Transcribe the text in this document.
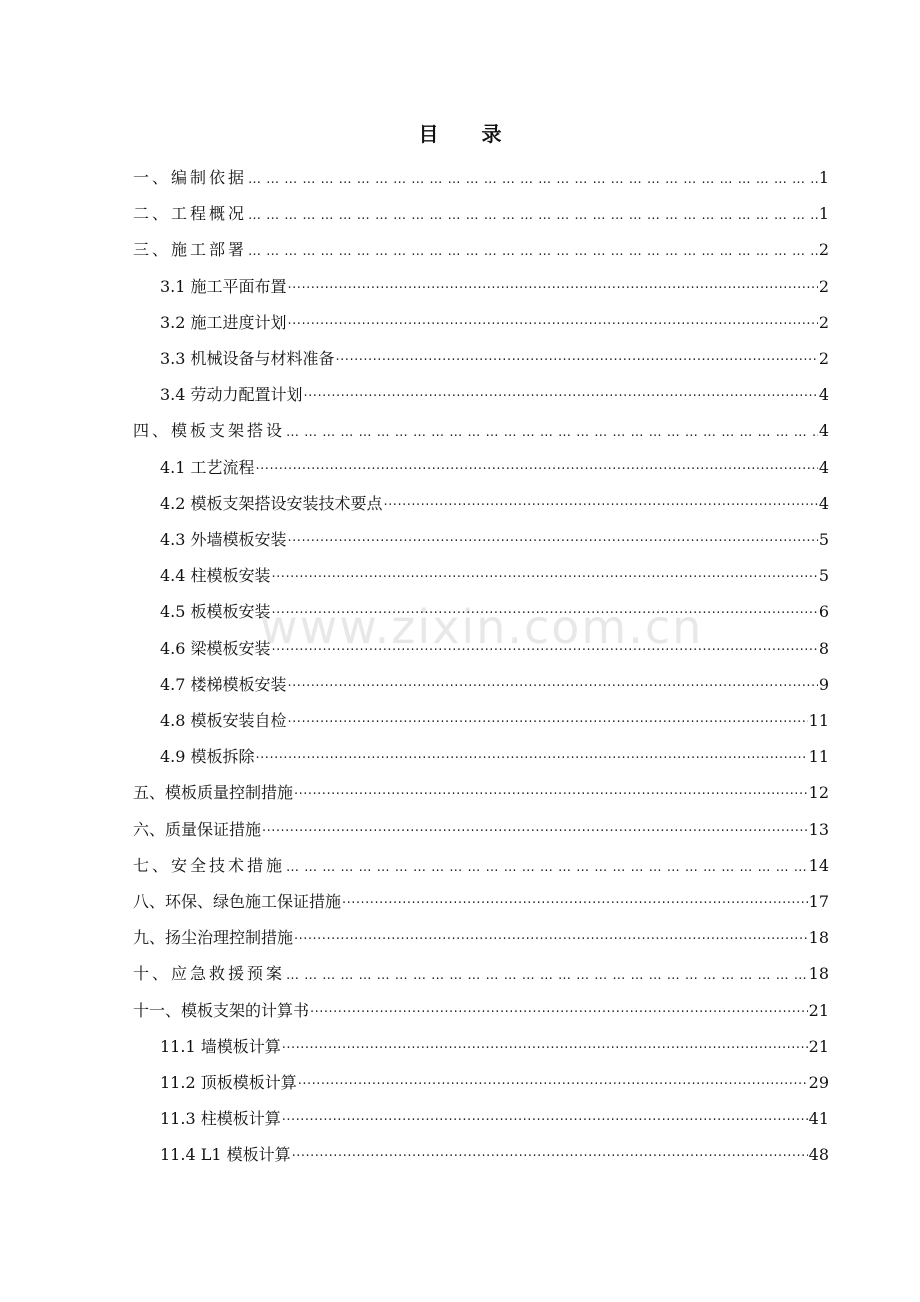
目 录
www.zixin.com.cn
一、编制依据 … … … … … … … … … … … … … … … … … … … … … … … … … … … … … … … … … … … … … … … … … … … … … … … … … … … … … … … … … … … … … … … …	1
二、工程概况 … … … … … … … … … … … … … … … … … … … … … … … … … … … … … … … … … … … … … … … … … … … … … … … … … … … … … … … … … … … … … … … …	1
三、施工部署 … … … … … … … … … … … … … … … … … … … … … … … … … … … … … … … … … … … … … … … … … … … … … … … … … … … … … … … … … … … … … … … …	2
3.1 施工平面布置 ·····	2
3.2 施工进度计划 ·····	2
3.3 机械设备与材料准备 ·····	2
3.4 劳动力配置计划 ·····	4
四、模板支架搭设 … … … … … … … … … … … … … … … … … … … … … … … … … … … … … … … … … … … … … … … … … … … … … … … … … … … … … … … … … … … … … … … …	4
4.1 工艺流程 ·····	4
4.2 模板支架搭设安装技术要点 ·····	4
4.3 外墙模板安装 ·····	5
4.4 柱模板安装 ·····	5
4.5 板模板安装 ·····	6
4.6 梁模板安装 ·····	8
4.7 楼梯模板安装 ·····	9
4.8 模板安装自检 ·····	11
4.9 模板拆除 ·····	11
五、模板质量控制措施 ·····	12
六、质量保证措施 ·····	13
七、安全技术措施 … … … … … … … … … … … … … … … … … … … … … … … … … … … … … … … … … … … … … … … … … … … … … … … … … … … … … … … … … … … … … … … …	14
八、环保、绿色施工保证措施 ·····	17
九、扬尘治理控制措施 ·····	18
十、应急救援预案 … … … … … … … … … … … … … … … … … … … … … … … … … … … … … … … … … … … … … … … … … … … … … … … … … … … … … … … … … … … … … … … …	18
十一、模板支架的计算书 ·····	21
11.1 墙模板计算 ·····	21
11.2 顶板模板计算 ·····	29
11.3 柱模板计算 ·····	41
11.4 L1 模板计算 ·····	48
